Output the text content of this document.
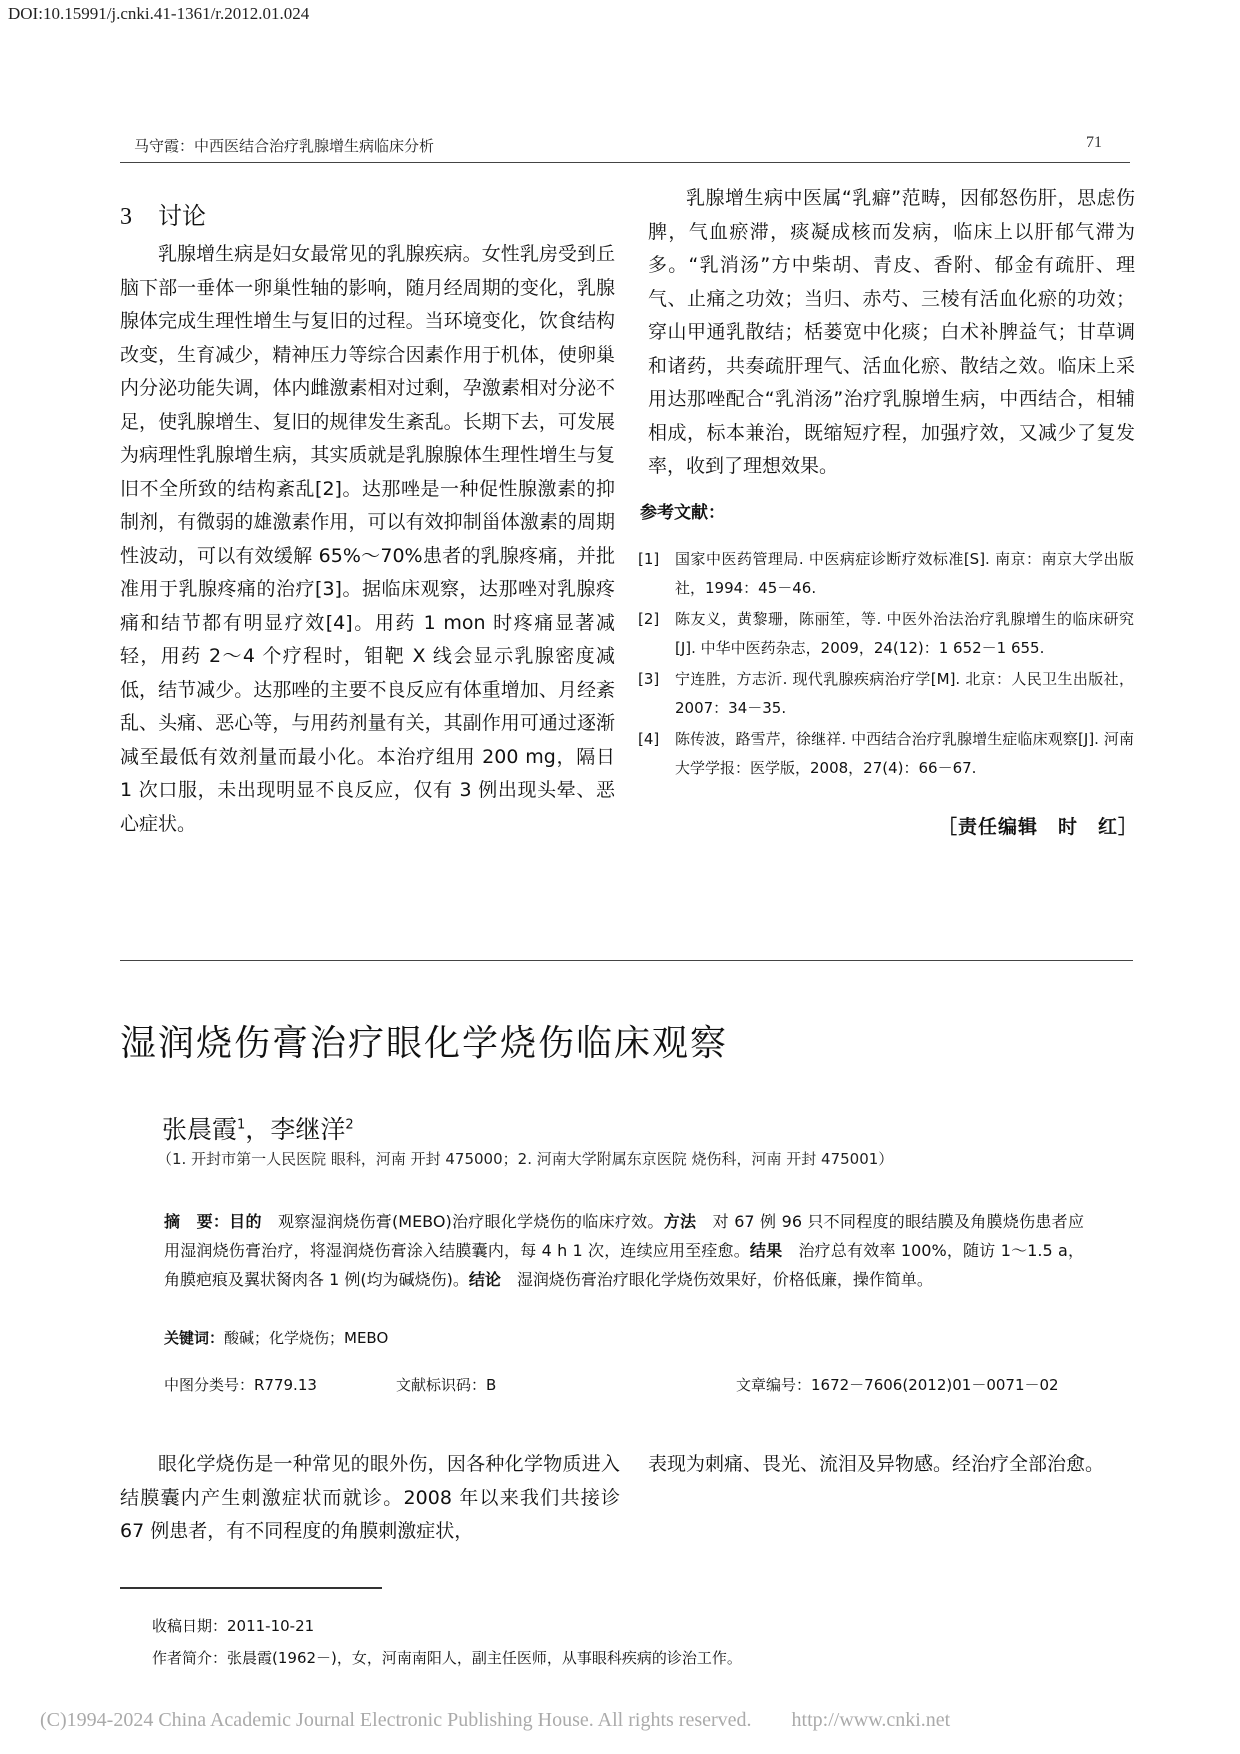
DOI:10.15991/j.cnki.41-1361/r.2012.01.024
马守霞：中西医结合治疗乳腺增生病临床分析	71
3 讨论

乳腺增生病是妇女最常见的乳腺疾病。女性乳房受到丘脑下部一垂体一卵巢性轴的影响，随月经周期的变化，乳腺腺体完成生理性增生与复旧的过程。当环境变化，饮食结构改变，生育减少，精神压力等综合因素作用于机体，使卵巢内分泌功能失调，体内雌激素相对过剩，孕激素相对分泌不足，使乳腺增生、复旧的规律发生紊乱。长期下去，可发展为病理性乳腺增生病，其实质就是乳腺腺体生理性增生与复旧不全所致的结构紊乱[2]。达那唑是一种促性腺激素的抑制剂，有微弱的雄激素作用，可以有效抑制甾体激素的周期性波动，可以有效缓解 65%～70%患者的乳腺疼痛，并批准用于乳腺疼痛的治疗[3]。据临床观察，达那唑对乳腺疼痛和结节都有明显疗效[4]。用药 1 mon 时疼痛显著减轻，用药 2～4 个疗程时，钼靶 X 线会显示乳腺密度减低，结节减少。达那唑的主要不良反应有体重增加、月经紊乱、头痛、恶心等，与用药剂量有关，其副作用可通过逐渐减至最低有效剂量而最小化。本治疗组用 200 mg，隔日 1 次口服，未出现明显不良反应，仅有 3 例出现头晕、恶心症状。

乳腺增生病中医属“乳癖”范畴，因郁怒伤肝，思虑伤脾，气血瘀滞，痰凝成核而发病，临床上以肝郁气滞为多。“乳消汤”方中柴胡、青皮、香附、郁金有疏肝、理气、止痛之功效；当归、赤芍、三棱有活血化瘀的功效；穿山甲通乳散结；栝蒌宽中化痰；白术补脾益气；甘草调和诸药，共奏疏肝理气、活血化瘀、散结之效。临床上采用达那唑配合“乳消汤”治疗乳腺增生病，中西结合，相辅相成，标本兼治，既缩短疗程，加强疗效，又减少了复发率，收到了理想效果。

参考文献：
[1] 国家中医药管理局. 中医病症诊断疗效标准[S]. 南京：南京大学出版社，1994：45－46.
[2] 陈友义，黄黎珊，陈丽笙，等. 中医外治法治疗乳腺增生的临床研究[J]. 中华中医药杂志，2009，24(12)：1 652－1 655.
[3] 宁连胜，方志沂. 现代乳腺疾病治疗学[M]. 北京：人民卫生出版社，2007：34－35.
[4] 陈传波，路雪芹，徐继祥. 中西结合治疗乳腺增生症临床观察[J]. 河南大学学报：医学版，2008，27(4)：66－67.
［责任编辑　时　红］
湿润烧伤膏治疗眼化学烧伤临床观察
张晨霞$^1$，李继洋$^2$
（1. 开封市第一人民医院 眼科，河南 开封 475000；2. 河南大学附属东京医院 烧伤科，河南 开封 475001）
摘　要：目的　观察湿润烧伤膏(MEBO)治疗眼化学烧伤的临床疗效。方法　对 67 例 96 只不同程度的眼结膜及角膜烧伤患者应用湿润烧伤膏治疗，将湿润烧伤膏涂入结膜囊内，每 4 h 1 次，连续应用至痊愈。结果　治疗总有效率 100%，随访 1～1.5 a，角膜疤痕及翼状胬肉各 1 例(均为碱烧伤)。结论　湿润烧伤膏治疗眼化学烧伤效果好，价格低廉，操作简单。
关键词：酸碱；化学烧伤；MEBO
中图分类号：R779.13	文献标识码：B	文章编号：1672－7606(2012)01－0071－02

眼化学烧伤是一种常见的眼外伤，因各种化学物质进入结膜囊内产生刺激症状而就诊。2008 年以来我们共接诊 67 例患者，有不同程度的角膜刺激症状，

表现为刺痛、畏光、流泪及异物感。经治疗全部治愈。

收稿日期：2011-10-21
作者简介：张晨霞(1962－)，女，河南南阳人，副主任医师，从事眼科疾病的诊治工作。
(C)1994-2024 China Academic Journal Electronic Publishing House. All rights reserved.　　http://www.cnki.net
